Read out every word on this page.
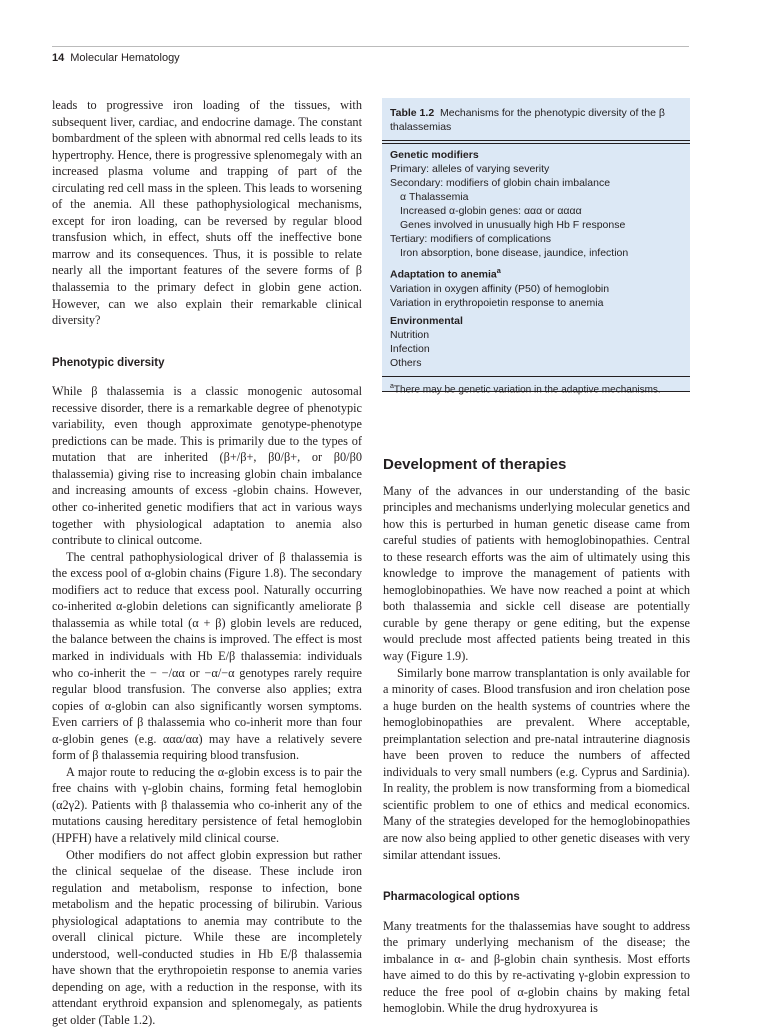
14 Molecular Hematology

leads to progressive iron loading of the tissues, with subsequent liver, cardiac, and endocrine damage. The constant bombardment of the spleen with abnormal red cells leads to its hypertrophy. Hence, there is progressive splenomegaly with an increased plasma volume and trapping of part of the circulating red cell mass in the spleen. This leads to worsening of the anemia. All these pathophysiological mechanisms, except for iron loading, can be reversed by regular blood transfusion which, in effect, shuts off the ineffective bone marrow and its consequences. Thus, it is possible to relate nearly all the important features of the severe forms of β thalassemia to the primary defect in globin gene action. However, can we also explain their remarkable clinical diversity?

Phenotypic diversity

While β thalassemia is a classic monogenic autosomal recessive disorder, there is a remarkable degree of phenotypic variability, even though approximate genotype-phenotype predictions can be made. This is primarily due to the types of mutation that are inherited (β+/β+, β0/β+, or β0/β0 thalassemia) giving rise to increasing globin chain imbalance and increasing amounts of excess -globin chains. However, other co-inherited genetic modifiers that act in various ways together with physiological adaptation to anemia also contribute to clinical outcome.

The central pathophysiological driver of β thalassemia is the excess pool of α-globin chains (Figure 1.8). The secondary modifiers act to reduce that excess pool. Naturally occurring co-inherited α-globin deletions can significantly ameliorate β thalassemia as while total (α + β) globin levels are reduced, the balance between the chains is improved. The effect is most marked in individuals with Hb E/β thalassemia: individuals who co-inherit the − −/αα or −α/−α genotypes rarely require regular blood transfusion. The converse also applies; extra copies of α-globin can also significantly worsen symptoms. Even carriers of β thalassemia who co-inherit more than four α-globin genes (e.g. ααα/αα) may have a relatively severe form of β thalassemia requiring blood transfusion.

A major route to reducing the α-globin excess is to pair the free chains with γ-globin chains, forming fetal hemoglobin (α2γ2). Patients with β thalassemia who co-inherit any of the mutations causing hereditary persistence of fetal hemoglobin (HPFH) have a relatively mild clinical course.

Other modifiers do not affect globin expression but rather the clinical sequelae of the disease. These include iron regulation and metabolism, response to infection, bone metabolism and the hepatic processing of bilirubin. Various physiological adaptations to anemia may contribute to the overall clinical picture. While these are incompletely understood, well-conducted studies in Hb E/β thalassemia have shown that the erythropoietin response to anemia varies depending on age, with a reduction in the response, with its attendant erythroid expansion and splenomegaly, as patients get older (Table 1.2).

Table 1.2 Mechanisms for the phenotypic diversity of the β thalassemias
Genetic modifiers
Primary: alleles of varying severity
Secondary: modifiers of globin chain imbalance
α Thalassemia
Increased α-globin genes: ααα or αααα
Genes involved in unusually high Hb F response
Tertiary: modifiers of complications
Iron absorption, bone disease, jaundice, infection
Adaptation to anemia$^a$
Variation in oxygen affinity (P50) of hemoglobin
Variation in erythropoietin response to anemia
Environmental
Nutrition
Infection
Others
$^a$There may be genetic variation in the adaptive mechanisms.
Development of therapies

Many of the advances in our understanding of the basic principles and mechanisms underlying molecular genetics and how this is perturbed in human genetic disease came from careful studies of patients with hemoglobinopathies. Central to these research efforts was the aim of ultimately using this knowledge to improve the management of patients with hemoglobinopathies. We have now reached a point at which both thalassemia and sickle cell disease are potentially curable by gene therapy or gene editing, but the expense would preclude most affected patients being treated in this way (Figure 1.9).

Similarly bone marrow transplantation is only available for a minority of cases. Blood transfusion and iron chelation pose a huge burden on the health systems of countries where the hemoglobinopathies are prevalent. Where acceptable, preimplantation selection and pre-natal intrauterine diagnosis have been proven to reduce the numbers of affected individuals to very small numbers (e.g. Cyprus and Sardinia). In reality, the problem is now transforming from a biomedical scientific problem to one of ethics and medical economics. Many of the strategies developed for the hemoglobinopathies are now also being applied to other genetic diseases with very similar attendant issues.

Pharmacological options

Many treatments for the thalassemias have sought to address the primary underlying mechanism of the disease; the imbalance in α- and β-globin chain synthesis. Most efforts have aimed to do this by re-activating γ-globin expression to reduce the free pool of α-globin chains by making fetal hemoglobin. While the drug hydroxyurea is
